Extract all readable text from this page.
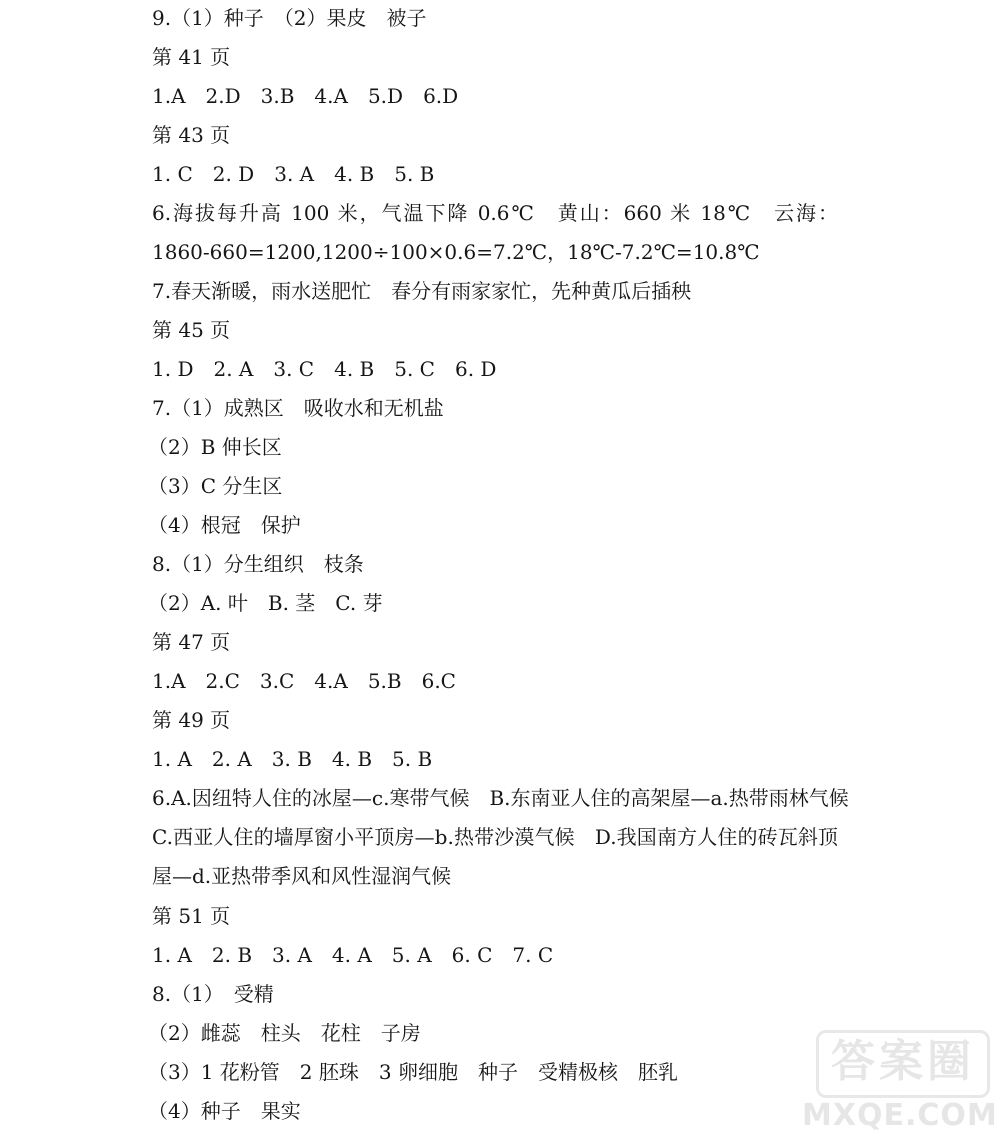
9.（1）种子　（2）果皮　被子
第 41 页
1.A　2.D　3.B　4.A　5.D　6.D
第 43 页
1. C　2. D　3. A　4. B　5. B
6.海拔每升高 100 米，气温下降 0.6℃　黄山：660 米 18℃　云海：
1860-660=1200,1200÷100×0.6=7.2℃，18℃-7.2℃=10.8℃
7.春天渐暖，雨水送肥忙　春分有雨家家忙，先种黄瓜后插秧
第 45 页
1. D　2. A　3. C　4. B　5. C　6. D
7.（1）成熟区　吸收水和无机盐
（2）B 伸长区
（3）C 分生区
（4）根冠　保护
8.（1）分生组织　枝条
（2）A. 叶　B. 茎　C. 芽
第 47 页
1.A　2.C　3.C　4.A　5.B　6.C
第 49 页
1. A　2. A　3. B　4. B　5. B
6.A.因纽特人住的冰屋—c.寒带气候　B.东南亚人住的高架屋—a.热带雨林气候
C.西亚人住的墙厚窗小平顶房—b.热带沙漠气候　D.我国南方人住的砖瓦斜顶
屋—d.亚热带季风和风性湿润气候
第 51 页
1. A　2. B　3. A　4. A　5. A　6. C　7. C
8.（1）　受精
（2）雌蕊　柱头　花柱　子房
（3）1 花粉管　2 胚珠　3 卵细胞　种子　受精极核　胚乳
（4）种子　果实
答案圈
MXQE.COM
